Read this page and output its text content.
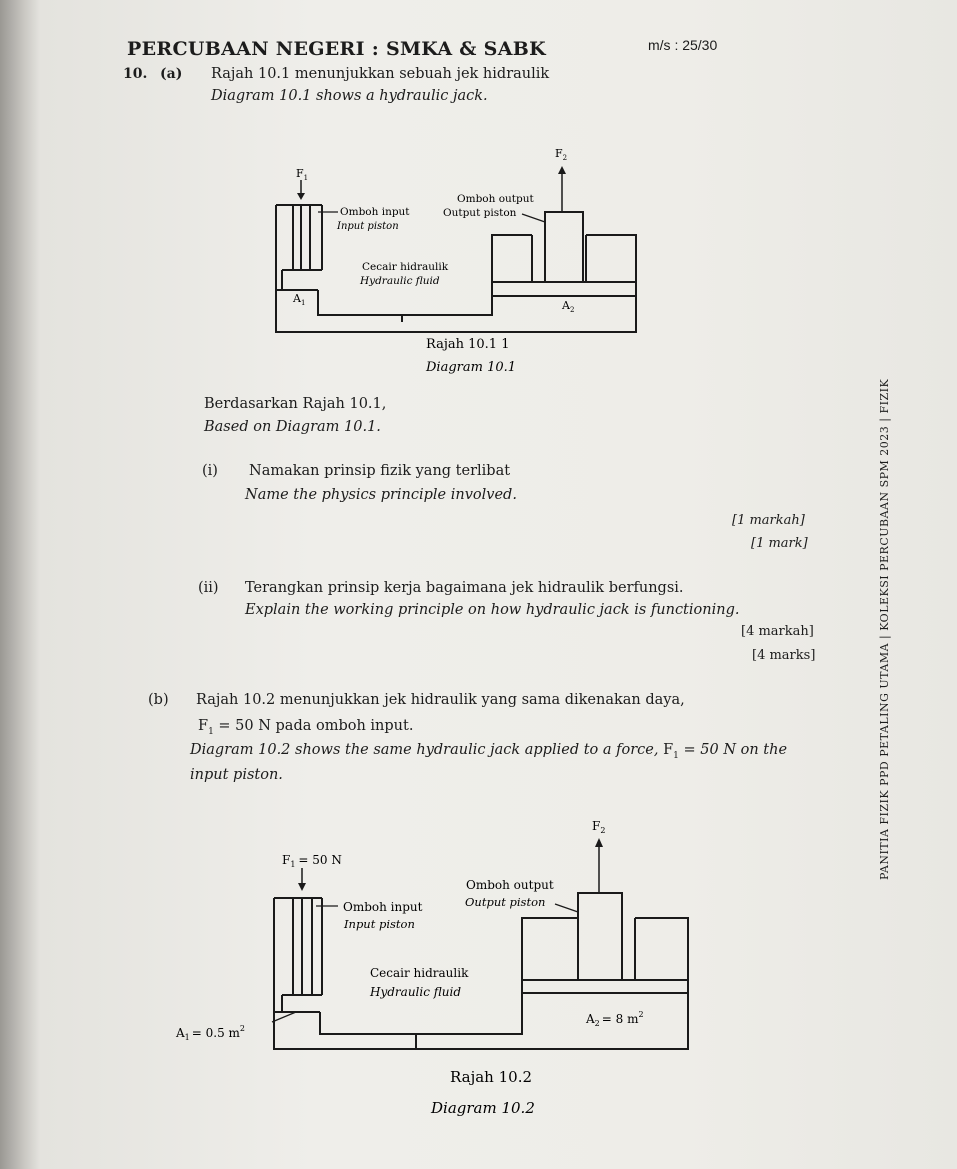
PERCUBAAN NEGERI : SMKA & SABK	m/s : 25/30
10. (a) Rajah 10.1 menunjukkan sebuah jek hidraulik
Diagram 10.1 shows a hydraulic jack.
$F_2$
$F_1$
Omboh output
Output piston
Omboh input
Input piston
Cecair hidraulik
Hydraulic fluid
$A_1$	$A_2$
Rajah 10.1 1
Diagram 10.1
Berdasarkan Rajah 10.1,
Based on Diagram 10.1.
(i) Namakan prinsip fizik yang terlibat
Name the physics principle involved.
[1 markah]
[1 mark]
(ii) Terangkan prinsip kerja bagaimana jek hidraulik berfungsi.
Explain the working principle on how hydraulic jack is functioning.
[4 markah]
[4 marks]
(b) Rajah 10.2 menunjukkan jek hidraulik yang sama dikenakan daya,
$F_1 = 50$ N pada omboh input.
Diagram 10.2 shows the same hydraulic jack applied to a force, $F_1 = 50$ N on the
input piston.
$F_2$
$F_1 = 50$ N
Omboh output
Output piston
Omboh input
Input piston
Cecair hidraulik
Hydraulic fluid
$A_1 = 0.5$ $m^2$
$A_2 = 8$ $m^2$
Rajah 10.2
Diagram 10.2
PANITIA FIZIK PPD PETALING UTAMA | KOLEKSI PERCUBAAN SPM 2023 | FIZIK
